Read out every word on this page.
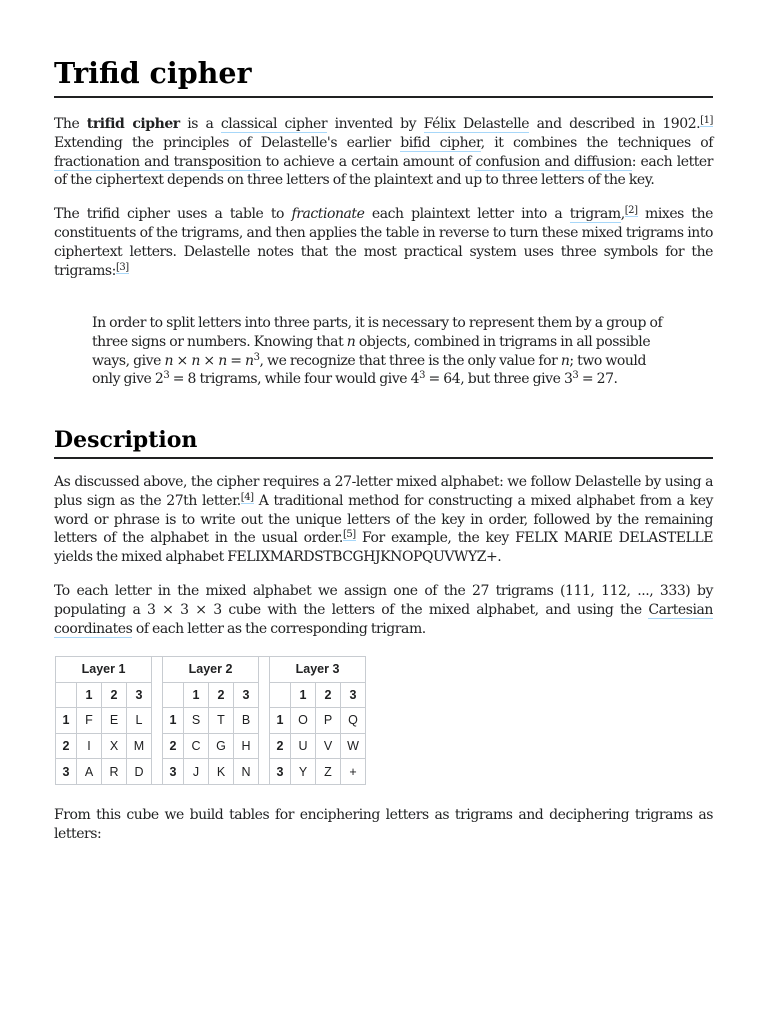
Trifid cipher

The trifid cipher is a classical cipher invented by Félix Delastelle and described in 1902.[1] Extending the principles of Delastelle's earlier bifid cipher, it combines the techniques of fractionation and transposition to achieve a certain amount of confusion and diffusion: each letter of the ciphertext depends on three letters of the plaintext and up to three letters of the key.

The trifid cipher uses a table to fractionate each plaintext letter into a trigram,[2] mixes the constituents of the trigrams, and then applies the table in reverse to turn these mixed trigrams into ciphertext letters. Delastelle notes that the most practical system uses three symbols for the trigrams:[3]

In order to split letters into three parts, it is necessary to represent them by a group of three signs or numbers. Knowing that n objects, combined in trigrams in all possible ways, give $n \times n \times n = n^3$, we recognize that three is the only value for n; two would only give $2^3 = 8$ trigrams, while four would give $4^3 = 64$, but three give $3^3 = 27$.

Description

As discussed above, the cipher requires a 27-letter mixed alphabet: we follow Delastelle by using a plus sign as the 27th letter.[4] A traditional method for constructing a mixed alphabet from a key word or phrase is to write out the unique letters of the key in order, followed by the remaining letters of the alphabet in the usual order.[5] For example, the key FELIX MARIE DELASTELLE yields the mixed alphabet FELIXMARDSTBCGHJKNOPQUVWYZ+.

To each letter in the mixed alphabet we assign one of the 27 trigrams (111, 112, ..., 333) by populating a 3 × 3 × 3 cube with the letters of the mixed alphabet, and using the Cartesian coordinates of each letter as the corresponding trigram.

Layer 1					Layer 2					Layer 3			
	1	2	3			1	2	3			1	2	3
1	F	E	L		1	S	T	B		1	O	P	Q
2	I	X	M		2	C	G	H		2	U	V	W
3	A	R	D		3	J	K	N		3	Y	Z	+

From this cube we build tables for enciphering letters as trigrams and deciphering trigrams as letters:
